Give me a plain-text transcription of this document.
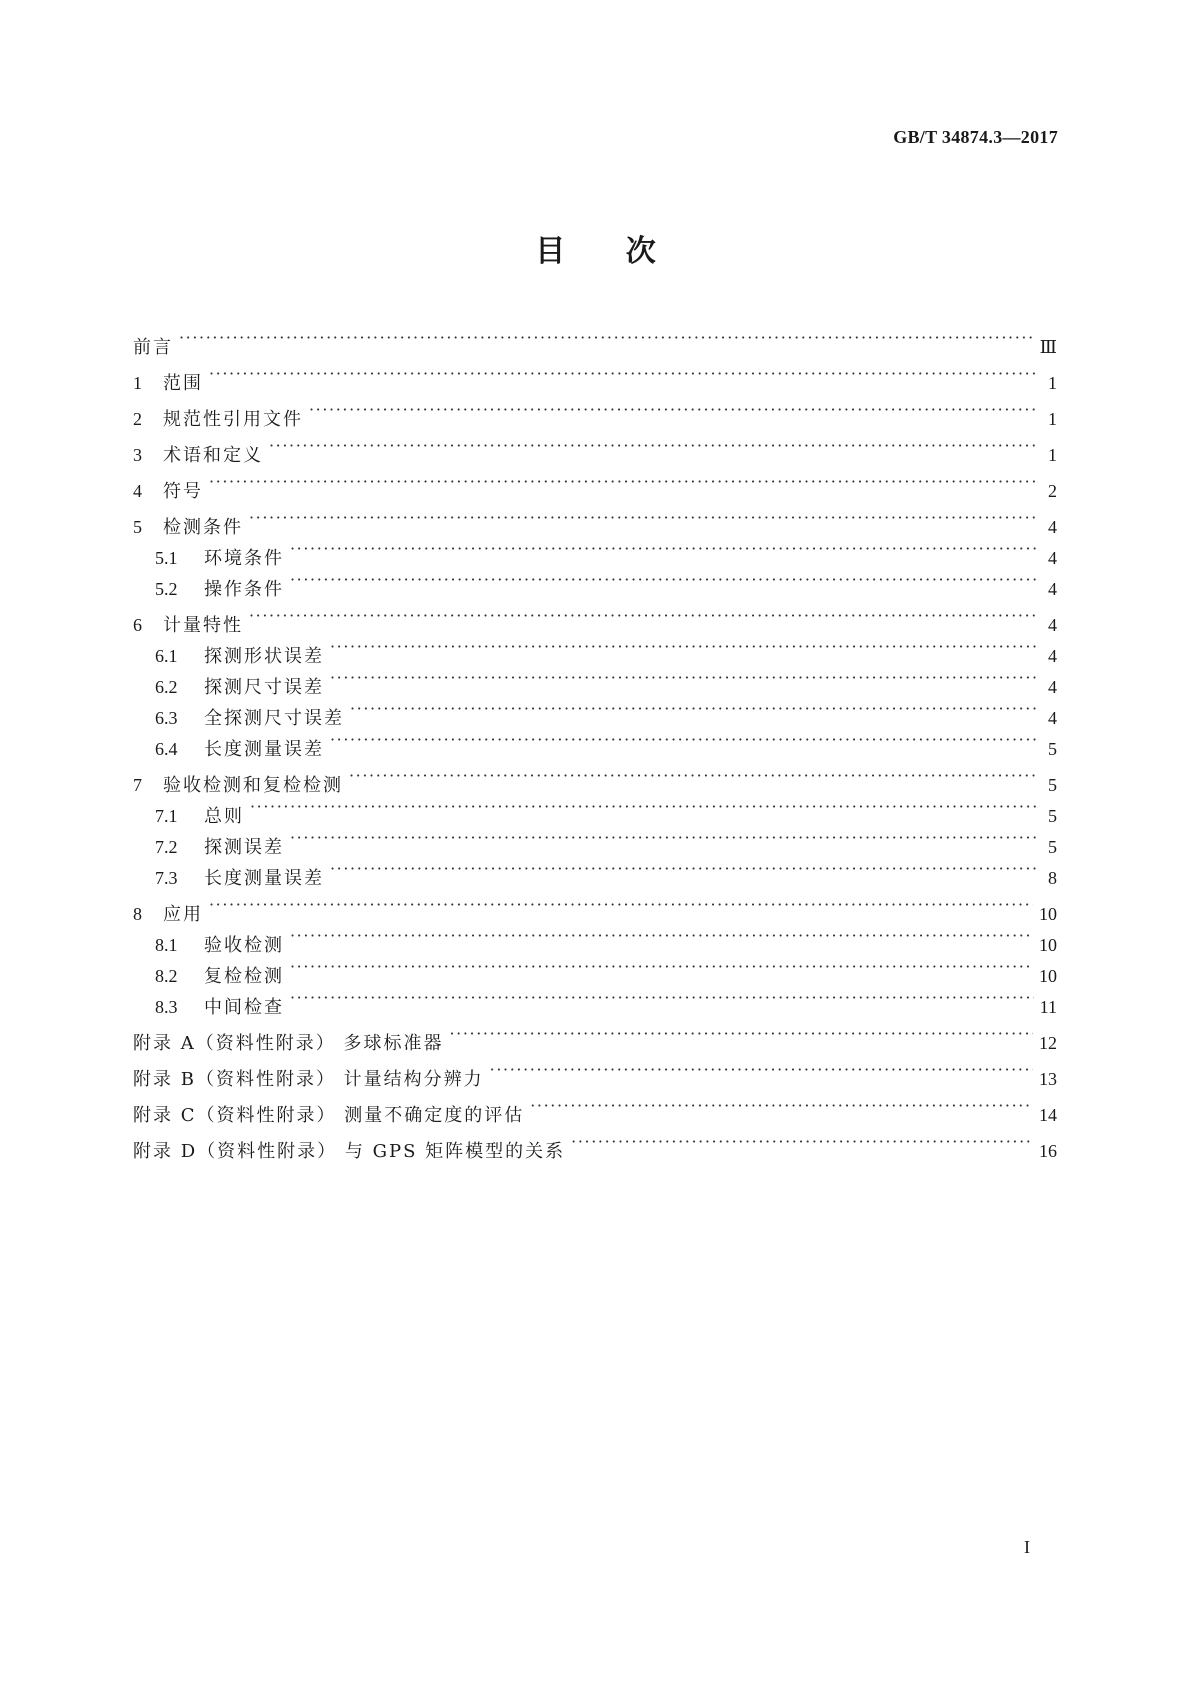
GB/T 34874.3—2017
目 次
前言 ·····	Ⅲ
1	范围 ·····	1
2	规范性引用文件 ·····	1
3	术语和定义 ·····	1
4	符号 ·····	2
5	检测条件 ·····	4
5.1	环境条件 ·····	4
5.2	操作条件 ·····	4
6	计量特性 ·····	4
6.1	探测形状误差 ·····	4
6.2	探测尺寸误差 ·····	4
6.3	全探测尺寸误差 ·····	4
6.4	长度测量误差 ·····	5
7	验收检测和复检检测 ·····	5
7.1	总则 ·····	5
7.2	探测误差 ·····	5
7.3	长度测量误差 ·····	8
8	应用 ·····	10
8.1	验收检测 ·····	10
8.2	复检检测 ·····	10
8.3	中间检查 ·····	11
附录 A（资料性附录） 多球标准器 ·····	12
附录 B（资料性附录） 计量结构分辨力 ·····	13
附录 C（资料性附录） 测量不确定度的评估 ·····	14
附录 D（资料性附录） 与 GPS 矩阵模型的关系 ·····	16
I
